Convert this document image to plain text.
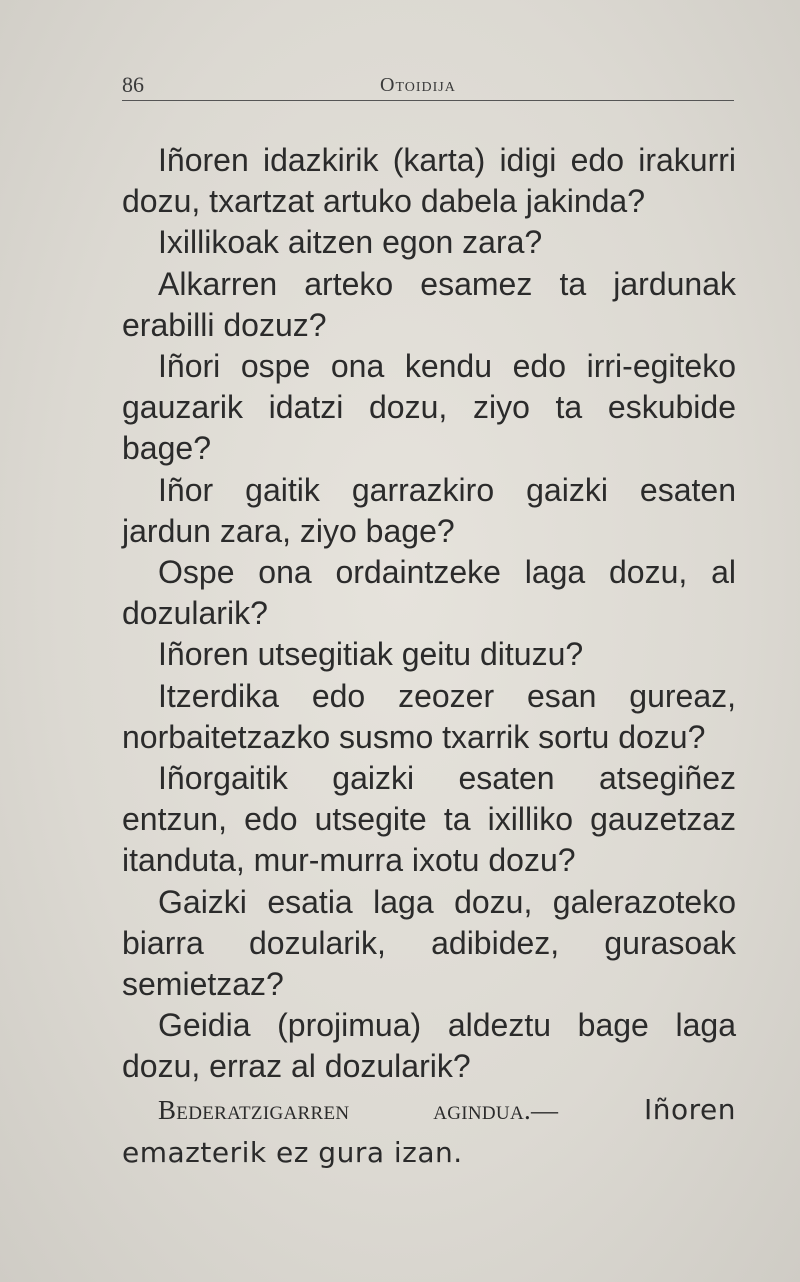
86	Otoidija

Iñoren idazkirik (karta) idigi edo irakurri dozu, txartzat artuko dabela jakinda?

Ixillikoak aitzen egon zara?

Alkarren arteko esamez ta jardunak erabilli dozuz?

Iñori ospe ona kendu edo irri-egiteko gauzarik idatzi dozu, ziyo ta eskubide bage?

Iñor gaitik garrazkiro gaizki esaten jardun zara, ziyo bage?

Ospe ona ordaintzeke laga dozu, al dozularik?

Iñoren utsegitiak geitu dituzu?

Itzerdika edo zeozer esan gureaz, norbaitetzazko susmo txarrik sortu dozu?

Iñorgaitik gaizki esaten atsegiñez entzun, edo utsegite ta ixilliko gauzetzaz itanduta, mur-murra ixotu dozu?

Gaizki esatia laga dozu, galerazoteko biarra dozularik, adibidez, gurasoak semietzaz?

Geidia (projimua) aldeztu bage laga dozu, erraz al dozularik?

Bederatzigarren agindua.—	Iñoren emazterik ez gura izan.
